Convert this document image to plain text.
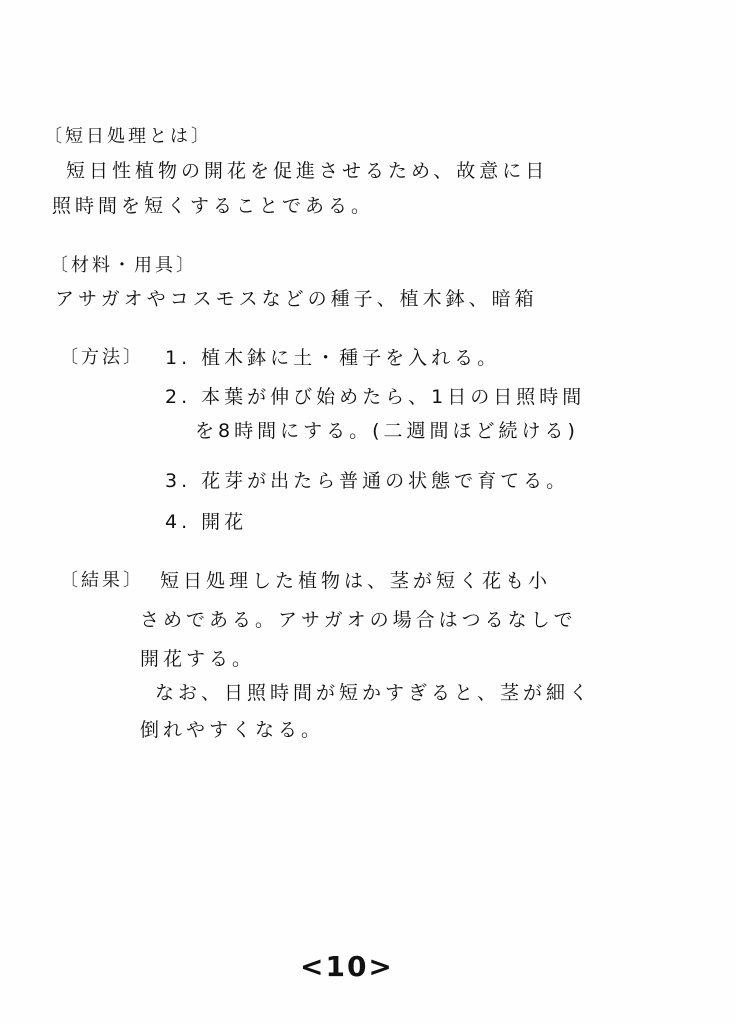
〔短日処理とは〕
短日性植物の開花を促進させるため、故意に日
照時間を短くすることである。
〔材料・用具〕
アサガオやコスモスなどの種子、植木鉢、暗箱
〔方法〕 1. 植木鉢に土・種子を入れる。
2. 本葉が伸び始めたら、1日の日照時間
を8時間にする。(二週間ほど続ける)
3. 花芽が出たら普通の状態で育てる。
4. 開花
〔結果〕 短日処理した植物は、茎が短く花も小
さめである。アサガオの場合はつるなしで
開花する。
なお、日照時間が短かすぎると、茎が細く
倒れやすくなる。
<10>
